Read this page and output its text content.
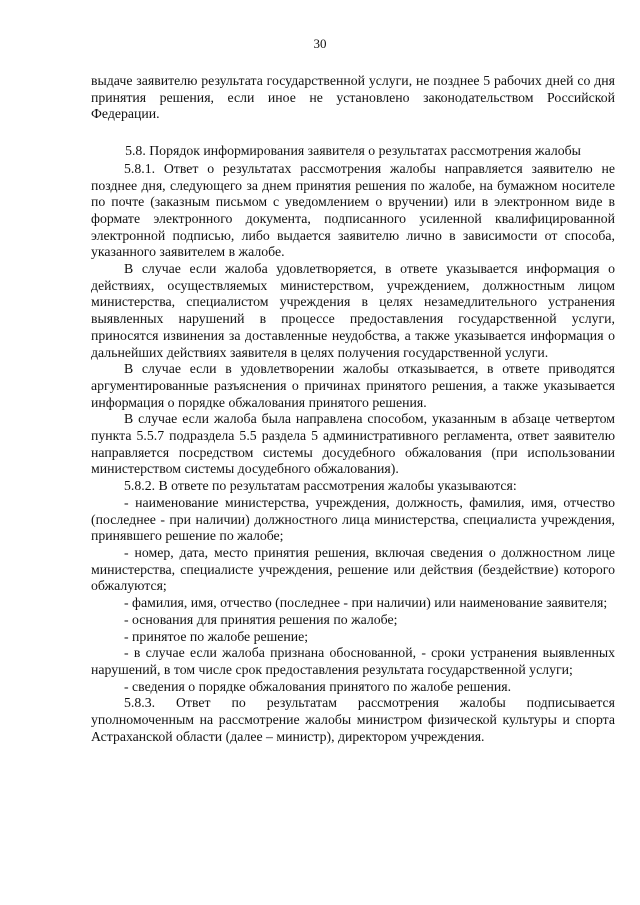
30

выдаче заявителю результата государственной услуги, не позднее 5 рабочих дней со дня принятия решения, если иное не установлено законодательством Российской Федерации.

5.8. Порядок информирования заявителя о результатах рассмотрения жалобы

5.8.1. Ответ о результатах рассмотрения жалобы направляется заявителю не позднее дня, следующего за днем принятия решения по жалобе, на бумажном носителе по почте (заказным письмом с уведомлением о вручении) или в электронном виде в формате электронного документа, подписанного усиленной квалифицированной электронной подписью, либо выдается заявителю лично в зависимости от способа, указанного заявителем в жалобе.

В случае если жалоба удовлетворяется, в ответе указывается информация о действиях, осуществляемых министерством, учреждением, должностным лицом министерства, специалистом учреждения в целях незамедлительного устранения выявленных нарушений в процессе предоставления государственной услуги, приносятся извинения за доставленные неудобства, а также указывается информация о дальнейших действиях заявителя в целях получения государственной услуги.

В случае если в удовлетворении жалобы отказывается, в ответе приводятся аргументированные разъяснения о причинах принятого решения, а также указывается информация о порядке обжалования принятого решения.

В случае если жалоба была направлена способом, указанным в абзаце четвертом пункта 5.5.7 подраздела 5.5 раздела 5 административного регламента, ответ заявителю направляется посредством системы досудебного обжалования (при использовании министерством системы досудебного обжалования).

5.8.2. В ответе по результатам рассмотрения жалобы указываются:

- наименование министерства, учреждения, должность, фамилия, имя, отчество (последнее - при наличии) должностного лица министерства, специалиста учреждения, принявшего решение по жалобе;

- номер, дата, место принятия решения, включая сведения о должностном лице министерства, специалисте учреждения, решение или действия (бездействие) которого обжалуются;

- фамилия, имя, отчество (последнее - при наличии) или наименование заявителя;

- основания для принятия решения по жалобе;

- принятое по жалобе решение;

- в случае если жалоба признана обоснованной, - сроки устранения выявленных нарушений, в том числе срок предоставления результата государственной услуги;

- сведения о порядке обжалования принятого по жалобе решения.

5.8.3. Ответ по результатам рассмотрения жалобы подписывается уполномоченным на рассмотрение жалобы министром физической культуры и спорта Астраханской области (далее – министр), директором учреждения.
